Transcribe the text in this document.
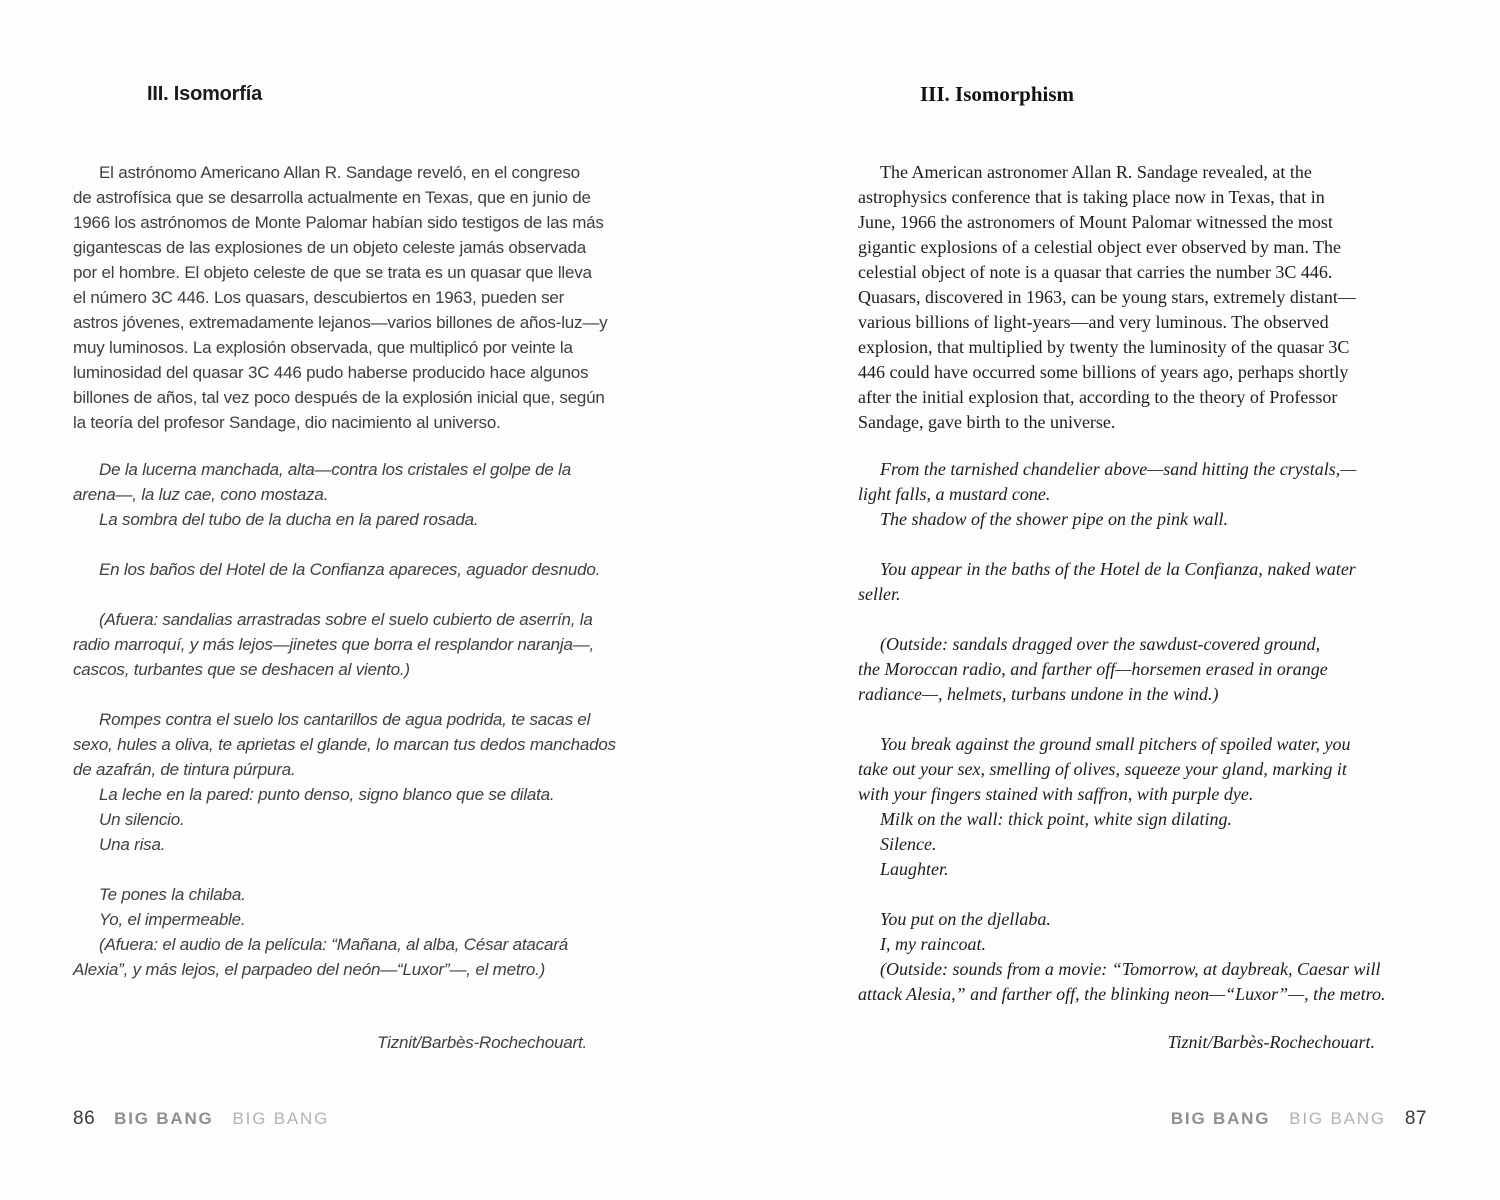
III. Isomorfía
El astrónomo Americano Allan R. Sandage reveló, en el congreso
de astrofísica que se desarrolla actualmente en Texas, que en junio de
1966 los astrónomos de Monte Palomar habían sido testigos de las más
gigantescas de las explosiones de un objeto celeste jamás observada
por el hombre. El objeto celeste de que se trata es un quasar que lleva
el número 3C 446. Los quasars, descubiertos en 1963, pueden ser
astros jóvenes, extremadamente lejanos—varios billones de años-luz—y
muy luminosos. La explosión observada, que multiplicó por veinte la
luminosidad del quasar 3C 446 pudo haberse producido hace algunos
billones de años, tal vez poco después de la explosión inicial que, según
la teoría del profesor Sandage, dio nacimiento al universo.
De la lucerna manchada, alta—contra los cristales el golpe de la
arena—, la luz cae, cono mostaza.
La sombra del tubo de la ducha en la pared rosada.

En los baños del Hotel de la Confianza apareces, aguador desnudo.

(Afuera: sandalias arrastradas sobre el suelo cubierto de aserrín, la
radio marroquí, y más lejos—jinetes que borra el resplandor naranja—,
cascos, turbantes que se deshacen al viento.)

Rompes contra el suelo los cantarillos de agua podrida, te sacas el
sexo, hules a oliva, te aprietas el glande, lo marcan tus dedos manchados
de azafrán, de tintura púrpura.
La leche en la pared: punto denso, signo blanco que se dilata.
Un silencio.
Una risa.

Te pones la chilaba.
Yo, el impermeable.
(Afuera: el audio de la película: “Mañana, al alba, César atacará
Alexia”, y más lejos, el parpadeo del neón—“Luxor”—, el metro.)
Tiznit/Barbès-Rochechouart.
86 BIG BANG BIG BANG
III. Isomorphism
The American astronomer Allan R. Sandage revealed, at the
astrophysics conference that is taking place now in Texas, that in
June, 1966 the astronomers of Mount Palomar witnessed the most
gigantic explosions of a celestial object ever observed by man. The
celestial object of note is a quasar that carries the number 3C 446.
Quasars, discovered in 1963, can be young stars, extremely distant—
various billions of light-years—and very luminous. The observed
explosion, that multiplied by twenty the luminosity of the quasar 3C
446 could have occurred some billions of years ago, perhaps shortly
after the initial explosion that, according to the theory of Professor
Sandage, gave birth to the universe.
From the tarnished chandelier above—sand hitting the crystals,—
light falls, a mustard cone.
The shadow of the shower pipe on the pink wall.

You appear in the baths of the Hotel de la Confianza, naked water
seller.

(Outside: sandals dragged over the sawdust-covered ground,
the Moroccan radio, and farther off—horsemen erased in orange
radiance—, helmets, turbans undone in the wind.)

You break against the ground small pitchers of spoiled water, you
take out your sex, smelling of olives, squeeze your gland, marking it
with your fingers stained with saffron, with purple dye.
Milk on the wall: thick point, white sign dilating.
Silence.
Laughter.

You put on the djellaba.
I, my raincoat.
(Outside: sounds from a movie: “Tomorrow, at daybreak, Caesar will
attack Alesia,” and farther off, the blinking neon—“Luxor”—, the metro.
Tiznit/Barbès-Rochechouart.
BIG BANG BIG BANG 87
